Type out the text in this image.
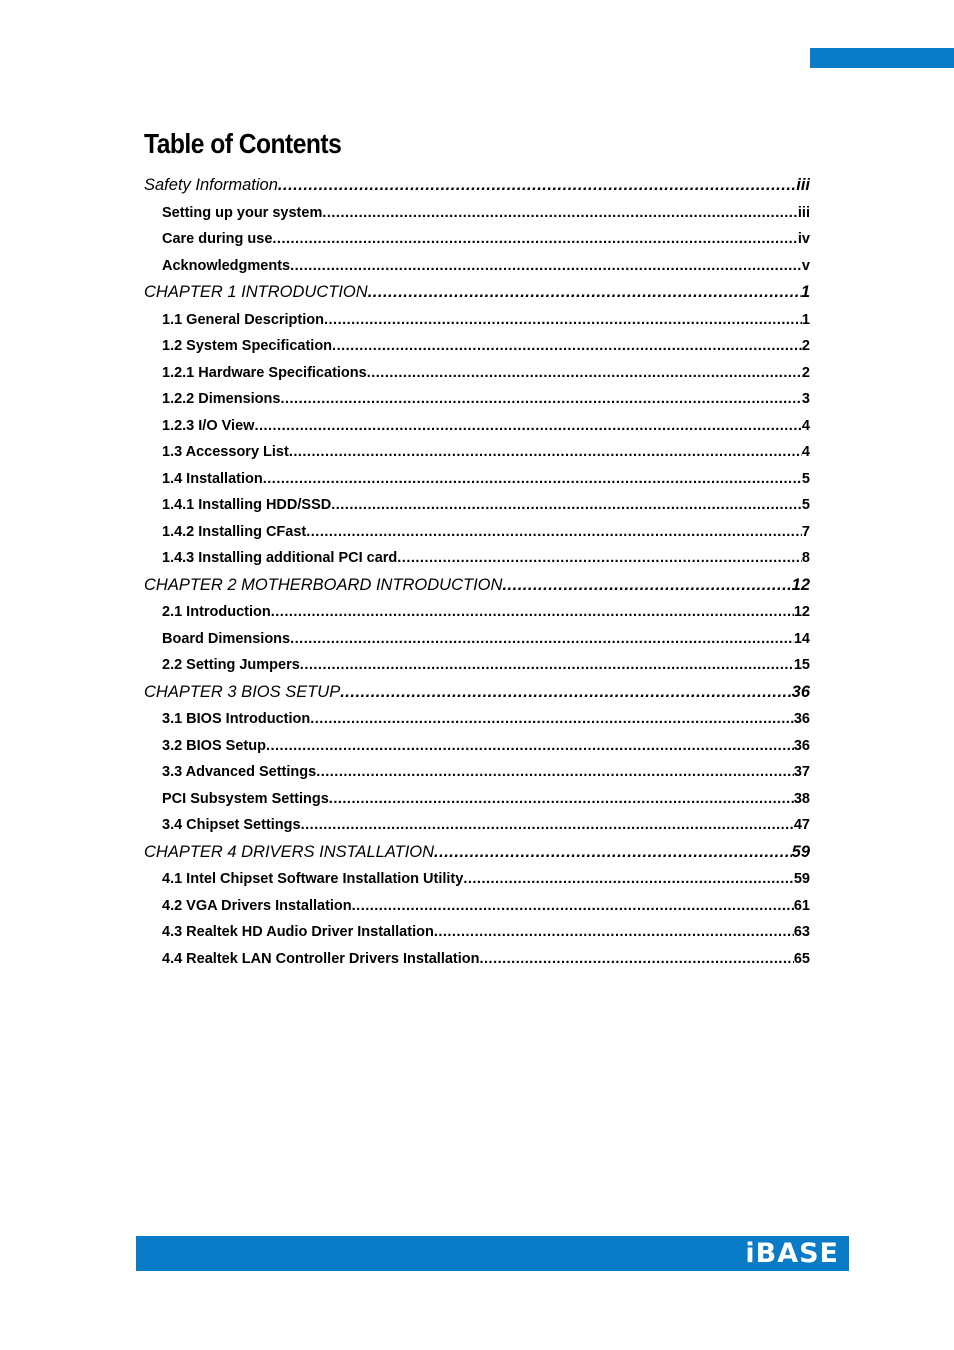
Table of Contents
Safety Information .....	iii
Setting up your system .....	iii
Care during use .....	iv
Acknowledgments .....	v
CHAPTER 1 INTRODUCTION .....	1
1.1 General Description .....	1
1.2 System Specification .....	2
1.2.1 Hardware Specifications .....	2
1.2.2 Dimensions .....	3
1.2.3 I/O View .....	4
1.3 Accessory List .....	4
1.4 Installation .....	5
1.4.1 Installing HDD/SSD .....	5
1.4.2 Installing CFast .....	7
1.4.3 Installing additional PCI card .....	8
CHAPTER 2 MOTHERBOARD INTRODUCTION .....	12
2.1 Introduction .....	12
Board Dimensions .....	14
2.2 Setting Jumpers .....	15
CHAPTER 3 BIOS SETUP .....	36
3.1 BIOS Introduction .....	36
3.2 BIOS Setup .....	36
3.3 Advanced Settings .....	37
PCI Subsystem Settings .....	38
3.4 Chipset Settings .....	47
CHAPTER 4 DRIVERS INSTALLATION .....	59
4.1 Intel Chipset Software Installation Utility .....	59
4.2 VGA Drivers Installation .....	61
4.3 Realtek HD Audio Driver Installation .....	63
4.4 Realtek LAN Controller Drivers Installation .....	65
iBASE
